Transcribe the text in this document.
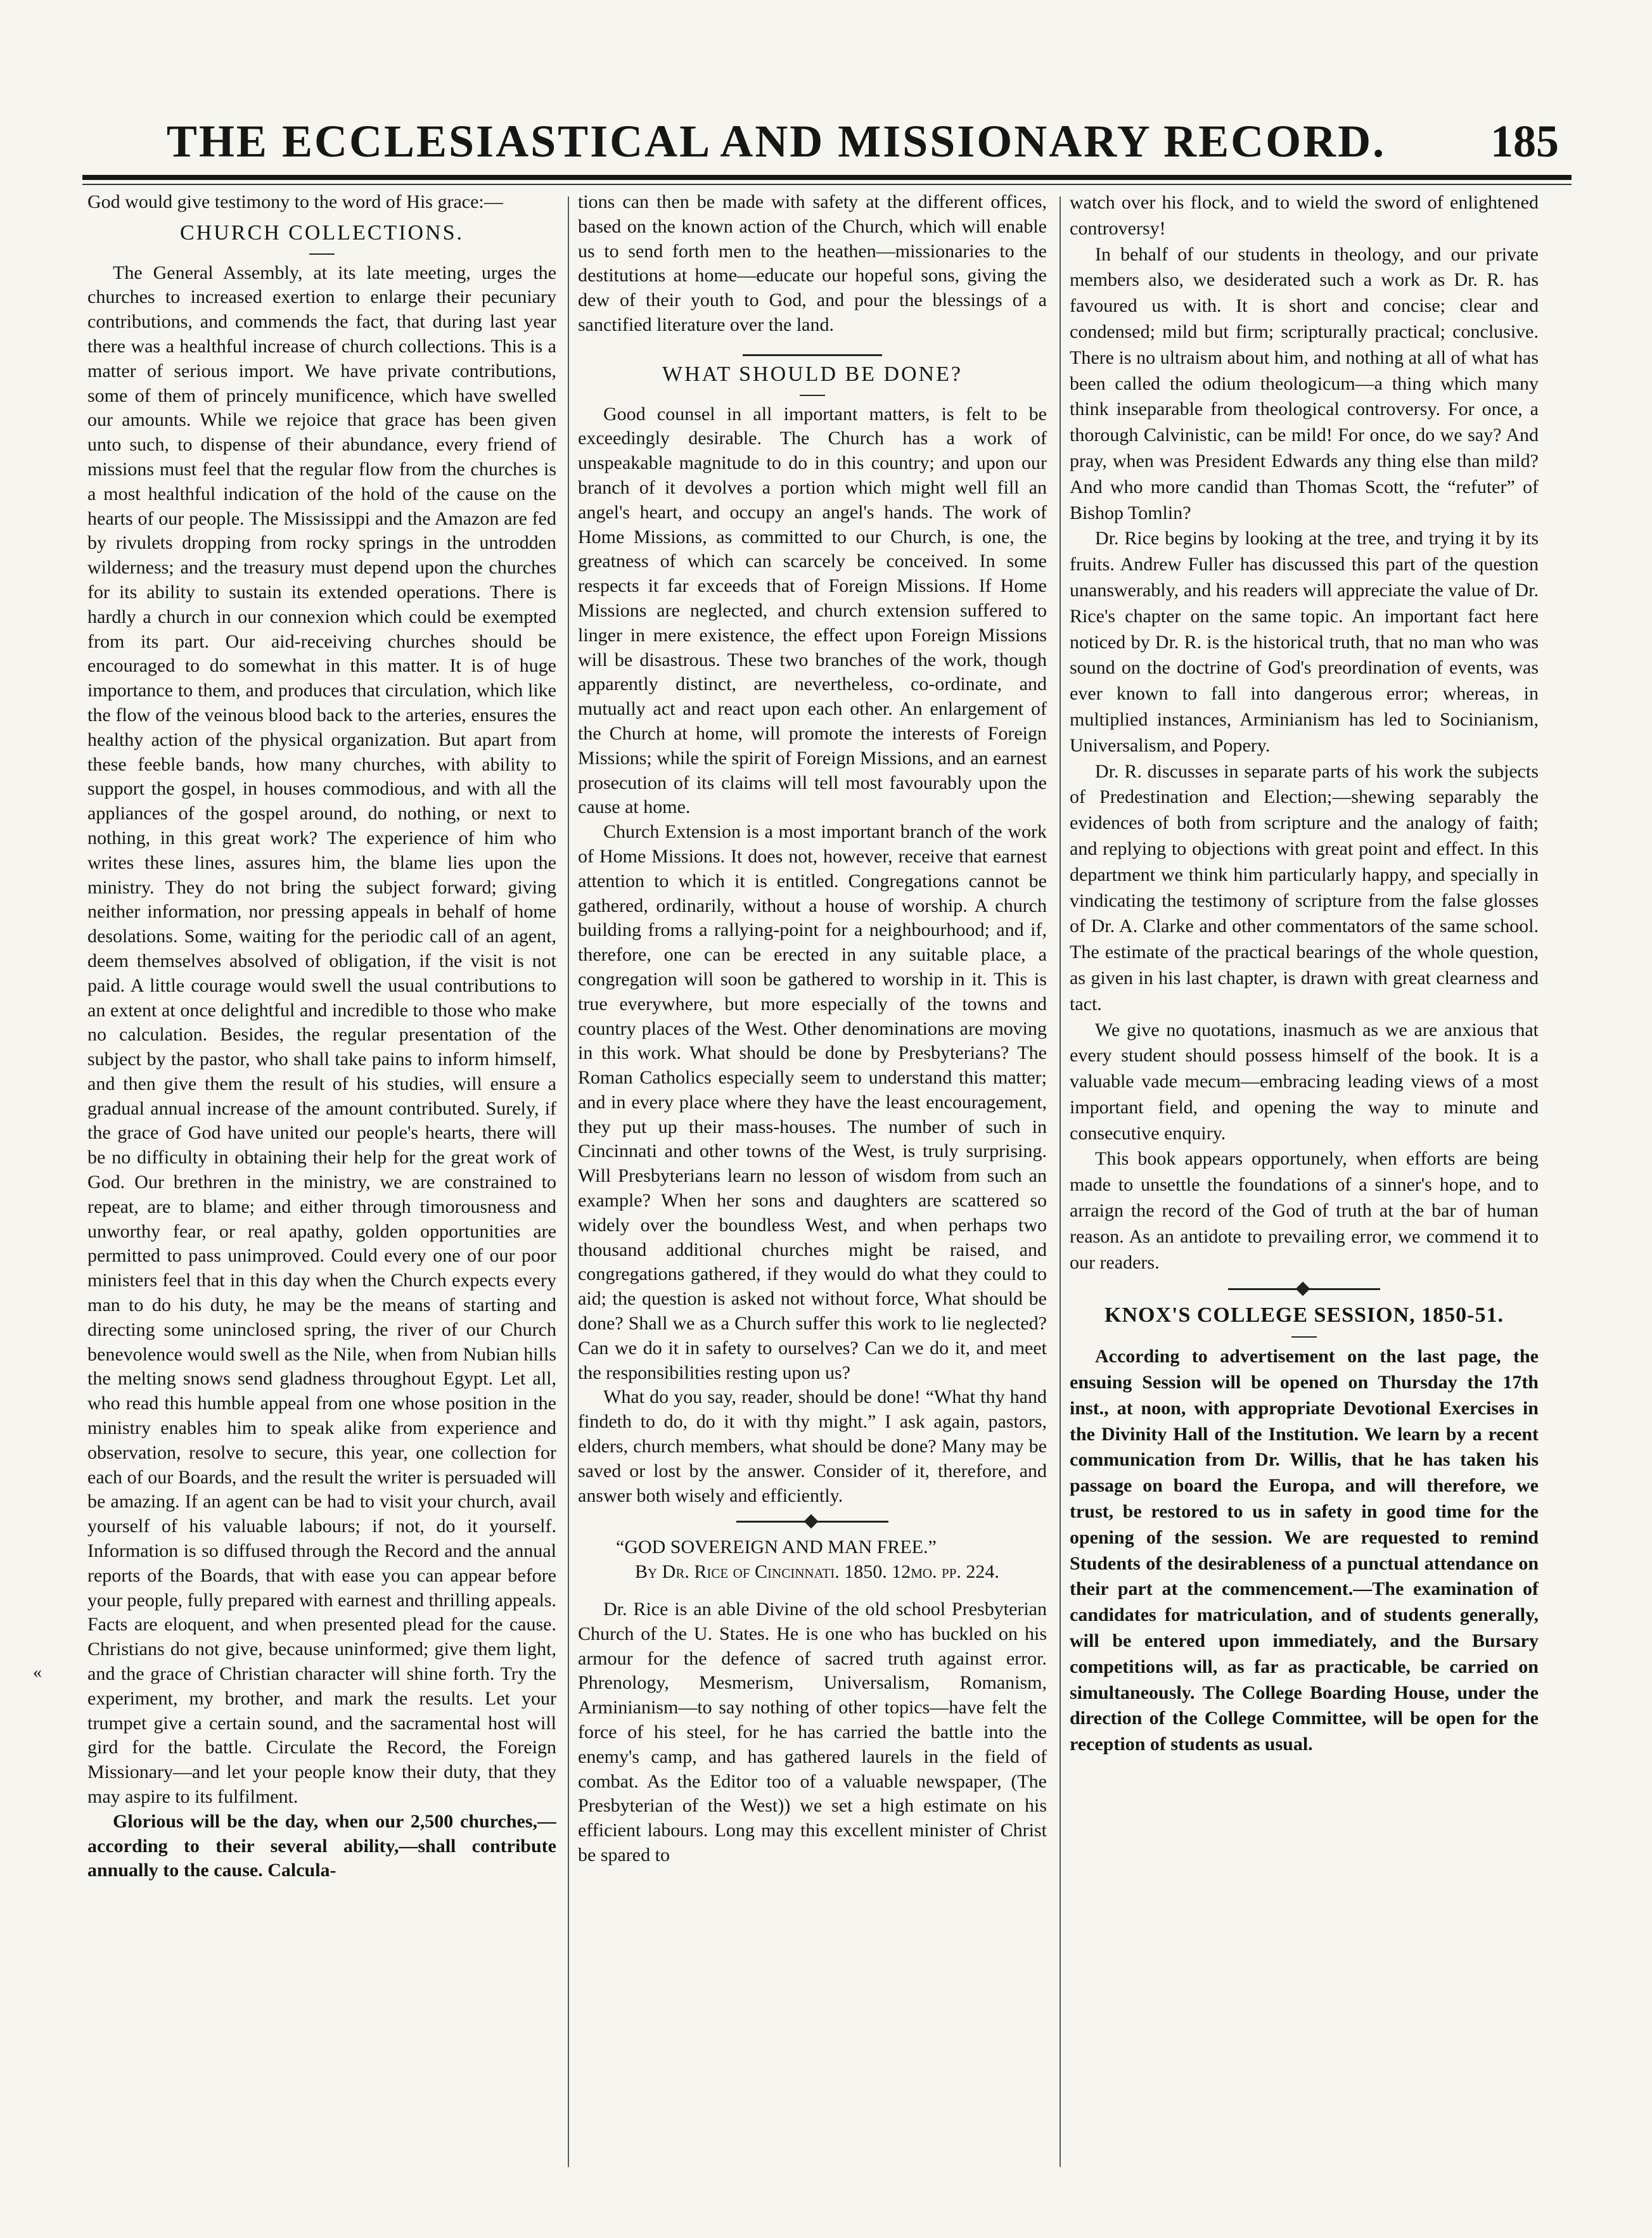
THE ECCLESIASTICAL AND MISSIONARY RECORD.	185
«

God would give testimony to the word of His grace:—

CHURCH COLLECTIONS.

The General Assembly, at its late meeting, urges the churches to increased exertion to enlarge their pecuniary contributions, and commends the fact, that during last year there was a healthful increase of church collections. This is a matter of serious import. We have private contributions, some of them of princely munificence, which have swelled our amounts. While we rejoice that grace has been given unto such, to dispense of their abundance, every friend of missions must feel that the regular flow from the churches is a most healthful indication of the hold of the cause on the hearts of our people. The Mississippi and the Amazon are fed by rivulets dropping from rocky springs in the untrodden wilderness; and the treasury must depend upon the churches for its ability to sustain its extended operations. There is hardly a church in our connexion which could be exempted from its part. Our aid-receiving churches should be encouraged to do somewhat in this matter. It is of huge importance to them, and produces that circulation, which like the flow of the veinous blood back to the arteries, ensures the healthy action of the physical organization. But apart from these feeble bands, how many churches, with ability to support the gospel, in houses commodious, and with all the appliances of the gospel around, do nothing, or next to nothing, in this great work? The experience of him who writes these lines, assures him, the blame lies upon the ministry. They do not bring the subject forward; giving neither information, nor pressing appeals in behalf of home desolations. Some, waiting for the periodic call of an agent, deem themselves absolved of obligation, if the visit is not paid. A little courage would swell the usual contributions to an extent at once delightful and incredible to those who make no calculation. Besides, the regular presentation of the subject by the pastor, who shall take pains to inform himself, and then give them the result of his studies, will ensure a gradual annual increase of the amount contributed. Surely, if the grace of God have united our people's hearts, there will be no difficulty in obtaining their help for the great work of God. Our brethren in the ministry, we are constrained to repeat, are to blame; and either through timorousness and unworthy fear, or real apathy, golden opportunities are permitted to pass unimproved. Could every one of our poor ministers feel that in this day when the Church expects every man to do his duty, he may be the means of starting and directing some uninclosed spring, the river of our Church benevolence would swell as the Nile, when from Nubian hills the melting snows send gladness throughout Egypt. Let all, who read this humble appeal from one whose position in the ministry enables him to speak alike from experience and observation, resolve to secure, this year, one collection for each of our Boards, and the result the writer is persuaded will be amazing. If an agent can be had to visit your church, avail yourself of his valuable labours; if not, do it yourself. Information is so diffused through the Record and the annual reports of the Boards, that with ease you can appear before your people, fully prepared with earnest and thrilling appeals. Facts are eloquent, and when presented plead for the cause. Christians do not give, because uninformed; give them light, and the grace of Christian character will shine forth. Try the experiment, my brother, and mark the results. Let your trumpet give a certain sound, and the sacramental host will gird for the battle. Circulate the Record, the Foreign Missionary—and let your people know their duty, that they may aspire to its fulfilment.

Glorious will be the day, when our 2,500 churches,—according to their several ability,—shall contribute annually to the cause. Calcula-

tions can then be made with safety at the different offices, based on the known action of the Church, which will enable us to send forth men to the heathen—missionaries to the destitutions at home—educate our hopeful sons, giving the dew of their youth to God, and pour the blessings of a sanctified literature over the land.

WHAT SHOULD BE DONE?

Good counsel in all important matters, is felt to be exceedingly desirable. The Church has a work of unspeakable magnitude to do in this country; and upon our branch of it devolves a portion which might well fill an angel's heart, and occupy an angel's hands. The work of Home Missions, as committed to our Church, is one, the greatness of which can scarcely be conceived. In some respects it far exceeds that of Foreign Missions. If Home Missions are neglected, and church extension suffered to linger in mere existence, the effect upon Foreign Missions will be disastrous. These two branches of the work, though apparently distinct, are nevertheless, co-ordinate, and mutually act and react upon each other. An enlargement of the Church at home, will promote the interests of Foreign Missions; while the spirit of Foreign Missions, and an earnest prosecution of its claims will tell most favourably upon the cause at home.

Church Extension is a most important branch of the work of Home Missions. It does not, however, receive that earnest attention to which it is entitled. Congregations cannot be gathered, ordinarily, without a house of worship. A church building froms a rallying-point for a neighbourhood; and if, therefore, one can be erected in any suitable place, a congregation will soon be gathered to worship in it. This is true everywhere, but more especially of the towns and country places of the West. Other denominations are moving in this work. What should be done by Presbyterians? The Roman Catholics especially seem to understand this matter; and in every place where they have the least encouragement, they put up their mass-houses. The number of such in Cincinnati and other towns of the West, is truly surprising. Will Presbyterians learn no lesson of wisdom from such an example? When her sons and daughters are scattered so widely over the boundless West, and when perhaps two thousand additional churches might be raised, and congregations gathered, if they would do what they could to aid; the question is asked not without force, What should be done? Shall we as a Church suffer this work to lie neglected? Can we do it in safety to ourselves? Can we do it, and meet the responsibilities resting upon us?

What do you say, reader, should be done! “What thy hand findeth to do, do it with thy might.” I ask again, pastors, elders, church members, what should be done? Many may be saved or lost by the answer. Consider of it, therefore, and answer both wisely and efficiently.

“GOD SOVEREIGN AND MAN FREE.”

By Dr. Rice of Cincinnati. 1850. 12mo. pp. 224.

Dr. Rice is an able Divine of the old school Presbyterian Church of the U. States. He is one who has buckled on his armour for the defence of sacred truth against error. Phrenology, Mesmerism, Universalism, Romanism, Arminianism—to say nothing of other topics—have felt the force of his steel, for he has carried the battle into the enemy's camp, and has gathered laurels in the field of combat. As the Editor too of a valuable newspaper, (The Presbyterian of the West)) we set a high estimate on his efficient labours. Long may this excellent minister of Christ be spared to

watch over his flock, and to wield the sword of enlightened controversy!

In behalf of our students in theology, and our private members also, we desiderated such a work as Dr. R. has favoured us with. It is short and concise; clear and condensed; mild but firm; scripturally practical; conclusive. There is no ultraism about him, and nothing at all of what has been called the odium theologicum—a thing which many think inseparable from theological controversy. For once, a thorough Calvinistic, can be mild! For once, do we say? And pray, when was President Edwards any thing else than mild? And who more candid than Thomas Scott, the “refuter” of Bishop Tomlin?

Dr. Rice begins by looking at the tree, and trying it by its fruits. Andrew Fuller has discussed this part of the question unanswerably, and his readers will appreciate the value of Dr. Rice's chapter on the same topic. An important fact here noticed by Dr. R. is the historical truth, that no man who was sound on the doctrine of God's preordination of events, was ever known to fall into dangerous error; whereas, in multiplied instances, Arminianism has led to Socinianism, Universalism, and Popery.

Dr. R. discusses in separate parts of his work the subjects of Predestination and Election;—shewing separably the evidences of both from scripture and the analogy of faith; and replying to objections with great point and effect. In this department we think him particularly happy, and specially in vindicating the testimony of scripture from the false glosses of Dr. A. Clarke and other commentators of the same school. The estimate of the practical bearings of the whole question, as given in his last chapter, is drawn with great clearness and tact.

We give no quotations, inasmuch as we are anxious that every student should possess himself of the book. It is a valuable vade mecum—embracing leading views of a most important field, and opening the way to minute and consecutive enquiry.

This book appears opportunely, when efforts are being made to unsettle the foundations of a sinner's hope, and to arraign the record of the God of truth at the bar of human reason. As an antidote to prevailing error, we commend it to our readers.

KNOX'S COLLEGE SESSION, 1850-51.

According to advertisement on the last page, the ensuing Session will be opened on Thursday the 17th inst., at noon, with appropriate Devotional Exercises in the Divinity Hall of the Institution. We learn by a recent communication from Dr. Willis, that he has taken his passage on board the Europa, and will therefore, we trust, be restored to us in safety in good time for the opening of the session. We are requested to remind Students of the desirableness of a punctual attendance on their part at the commencement.—The examination of candidates for matriculation, and of students generally, will be entered upon immediately, and the Bursary competitions will, as far as practicable, be carried on simultaneously. The College Boarding House, under the direction of the College Committee, will be open for the reception of students as usual.
